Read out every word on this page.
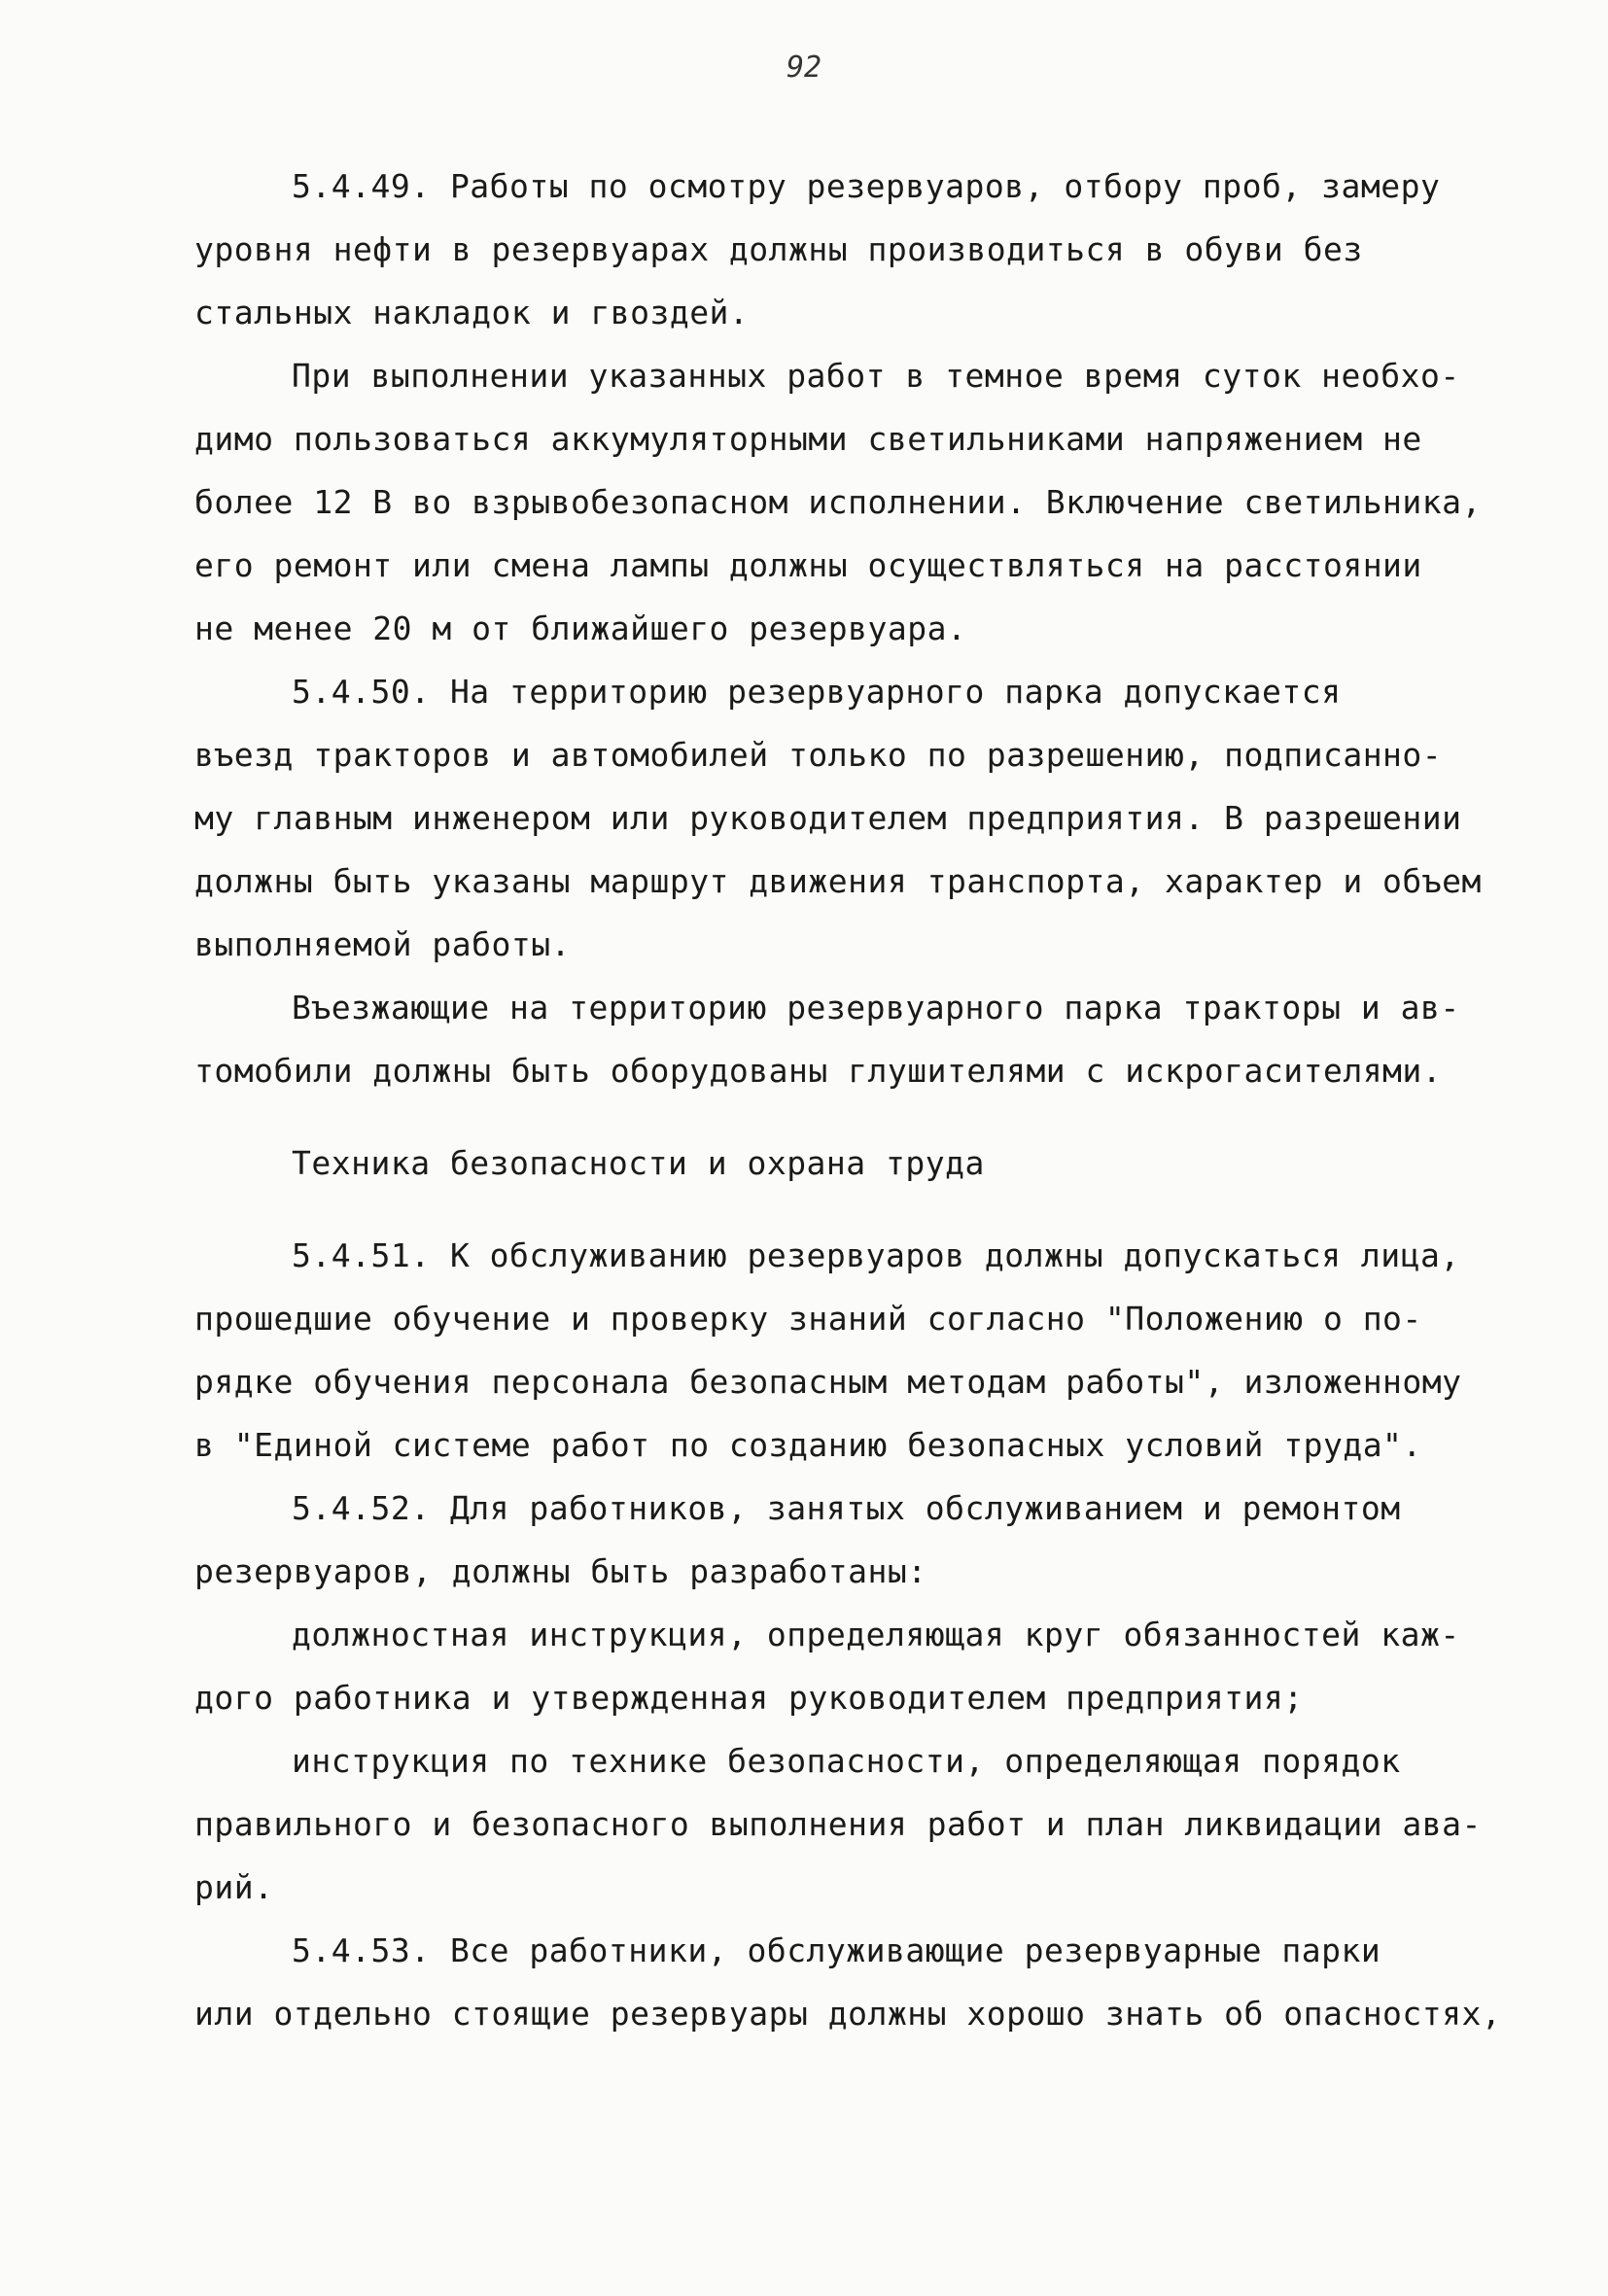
92
5.4.49. Работы по осмотру резервуаров, отбору проб, замеру
уровня нефти в резервуарах должны производиться в обуви без
стальных накладок и гвоздей.
При выполнении указанных работ в темное время суток необхо-
димо пользоваться аккумуляторными светильниками напряжением не
более 12 В во взрывобезопасном исполнении. Включение светильника,
его ремонт или смена лампы должны осуществляться на расстоянии
не менее 20 м от ближайшего резервуара.
5.4.50. На территорию резервуарного парка допускается
въезд тракторов и автомобилей только по разрешению, подписанно-
му главным инженером или руководителем предприятия. В разрешении
должны быть указаны маршрут движения транспорта, характер и объем
выполняемой работы.
Въезжающие на территорию резервуарного парка тракторы и ав-
томобили должны быть оборудованы глушителями с искрогасителями.
Техника безопасности и охрана труда
5.4.51. К обслуживанию резервуаров должны допускаться лица,
прошедшие обучение и проверку знаний согласно "Положению о по-
рядке обучения персонала безопасным методам работы", изложенному
в "Единой системе работ по созданию безопасных условий труда".
5.4.52. Для работников, занятых обслуживанием и ремонтом
резервуаров, должны быть разработаны:
должностная инструкция, определяющая круг обязанностей каж-
дого работника и утвержденная руководителем предприятия;
инструкция по технике безопасности, определяющая порядок
правильного и безопасного выполнения работ и план ликвидации ава-
рий.
5.4.53. Все работники, обслуживающие резервуарные парки
или отдельно стоящие резервуары должны хорошо знать об опасностях,
